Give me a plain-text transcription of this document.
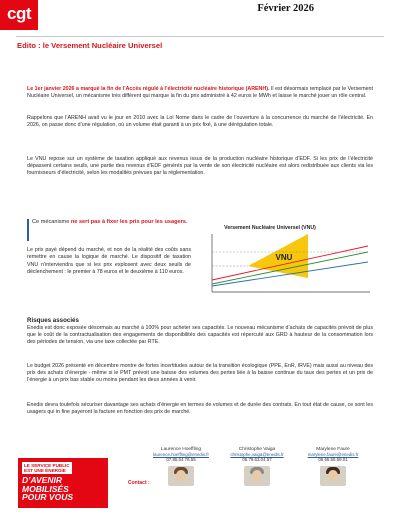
cgt	Février 2026
Edito : le Versement Nucléaire Universel
Le 1er janvier 2026 a marqué la fin de l’Accès régulé à l’électricité nucléaire historique (ARENH). Il est désormais remplacé par le Versement Nucléaire Universel, un mécanisme très différent qui marque la fin du prix administré à 42 euros le MWh et laisse le marché jouer un rôle central.
Rappelons que l’ARENH avait vu le jour en 2010 avec la Loi Nome dans le cadre de l’ouverture à la concurrence du marché de l’électricité. En 2026, on passe donc d’une régulation, où un volume était garanti à un prix fixé, à une dérégulation totale.
Le VNU repose sur un système de taxation appliqué aux revenus issus de la production nucléaire historique d’EDF. Si les prix de l’électricité dépassent certains seuils, une partie des revenus d’EDF générés par la vente de son électricité nucléaire est alors redistribuée aux clients via les fournisseurs d’électricité, selon les modalités prévues par la réglementation.
Ce mécanisme ne sert pas à fixer les prix pour les usagers.
Le prix payé dépend du marché, et non de la réalité des coûts sans remettre en cause la logique de marché. Le dispositif de taxation VNU n’interviendra que si les prix explosent avec deux seuils de déclenchement : le premier à 78 euros et le deuxième à 110 euros.
Versement Nucléaire Universel (VNU)
VNU
Risques associés
Enedis est donc exposée désormais au marché à 100% pour acheter ses capacités. Le nouveau mécanisme d’achats de capacités prévoit de plus que le coût de la contractualisation des engagements de disponibilités des capacités est répercuté aux GRD à hauteur de la consommation lors des périodes de tension, via une taxe collectée par RTE.
Le budget 2026 présenté en décembre montre de fortes incertitudes autour de la transition écologique (PPE, EnR, IRVE) mais aussi au niveau des prix des achats d’énergie - même si le PMT prévoit une baisse des volumes des pertes liée à la baisse continue du taux des pertes et un prix de l’énergie à un prix bas stable ou moins pendant les deux années à venir.
Enedis devra toutefois sécuriser davantage ses achats d’énergie en termes de volumes et de durée des contrats. En tout état de cause, ce sont les usagers qui in fine payeront la facture en fonction des prix de marché.
LE SERVICE PUBLIC
EST UNE ÉNERGIE
D’AVENIR MOBILISÉS
POUR VOUS
Contact :
Laurence Hoeffling
laurence.hoeffling@enedis.fr
07.85.54.76.55
Christophe Vaiga
christophe.vaiga@enedis.fr
06.79.63.04.57
Marylene Faure
marylene.faure@enedis.fr
06.65.55.59.01
